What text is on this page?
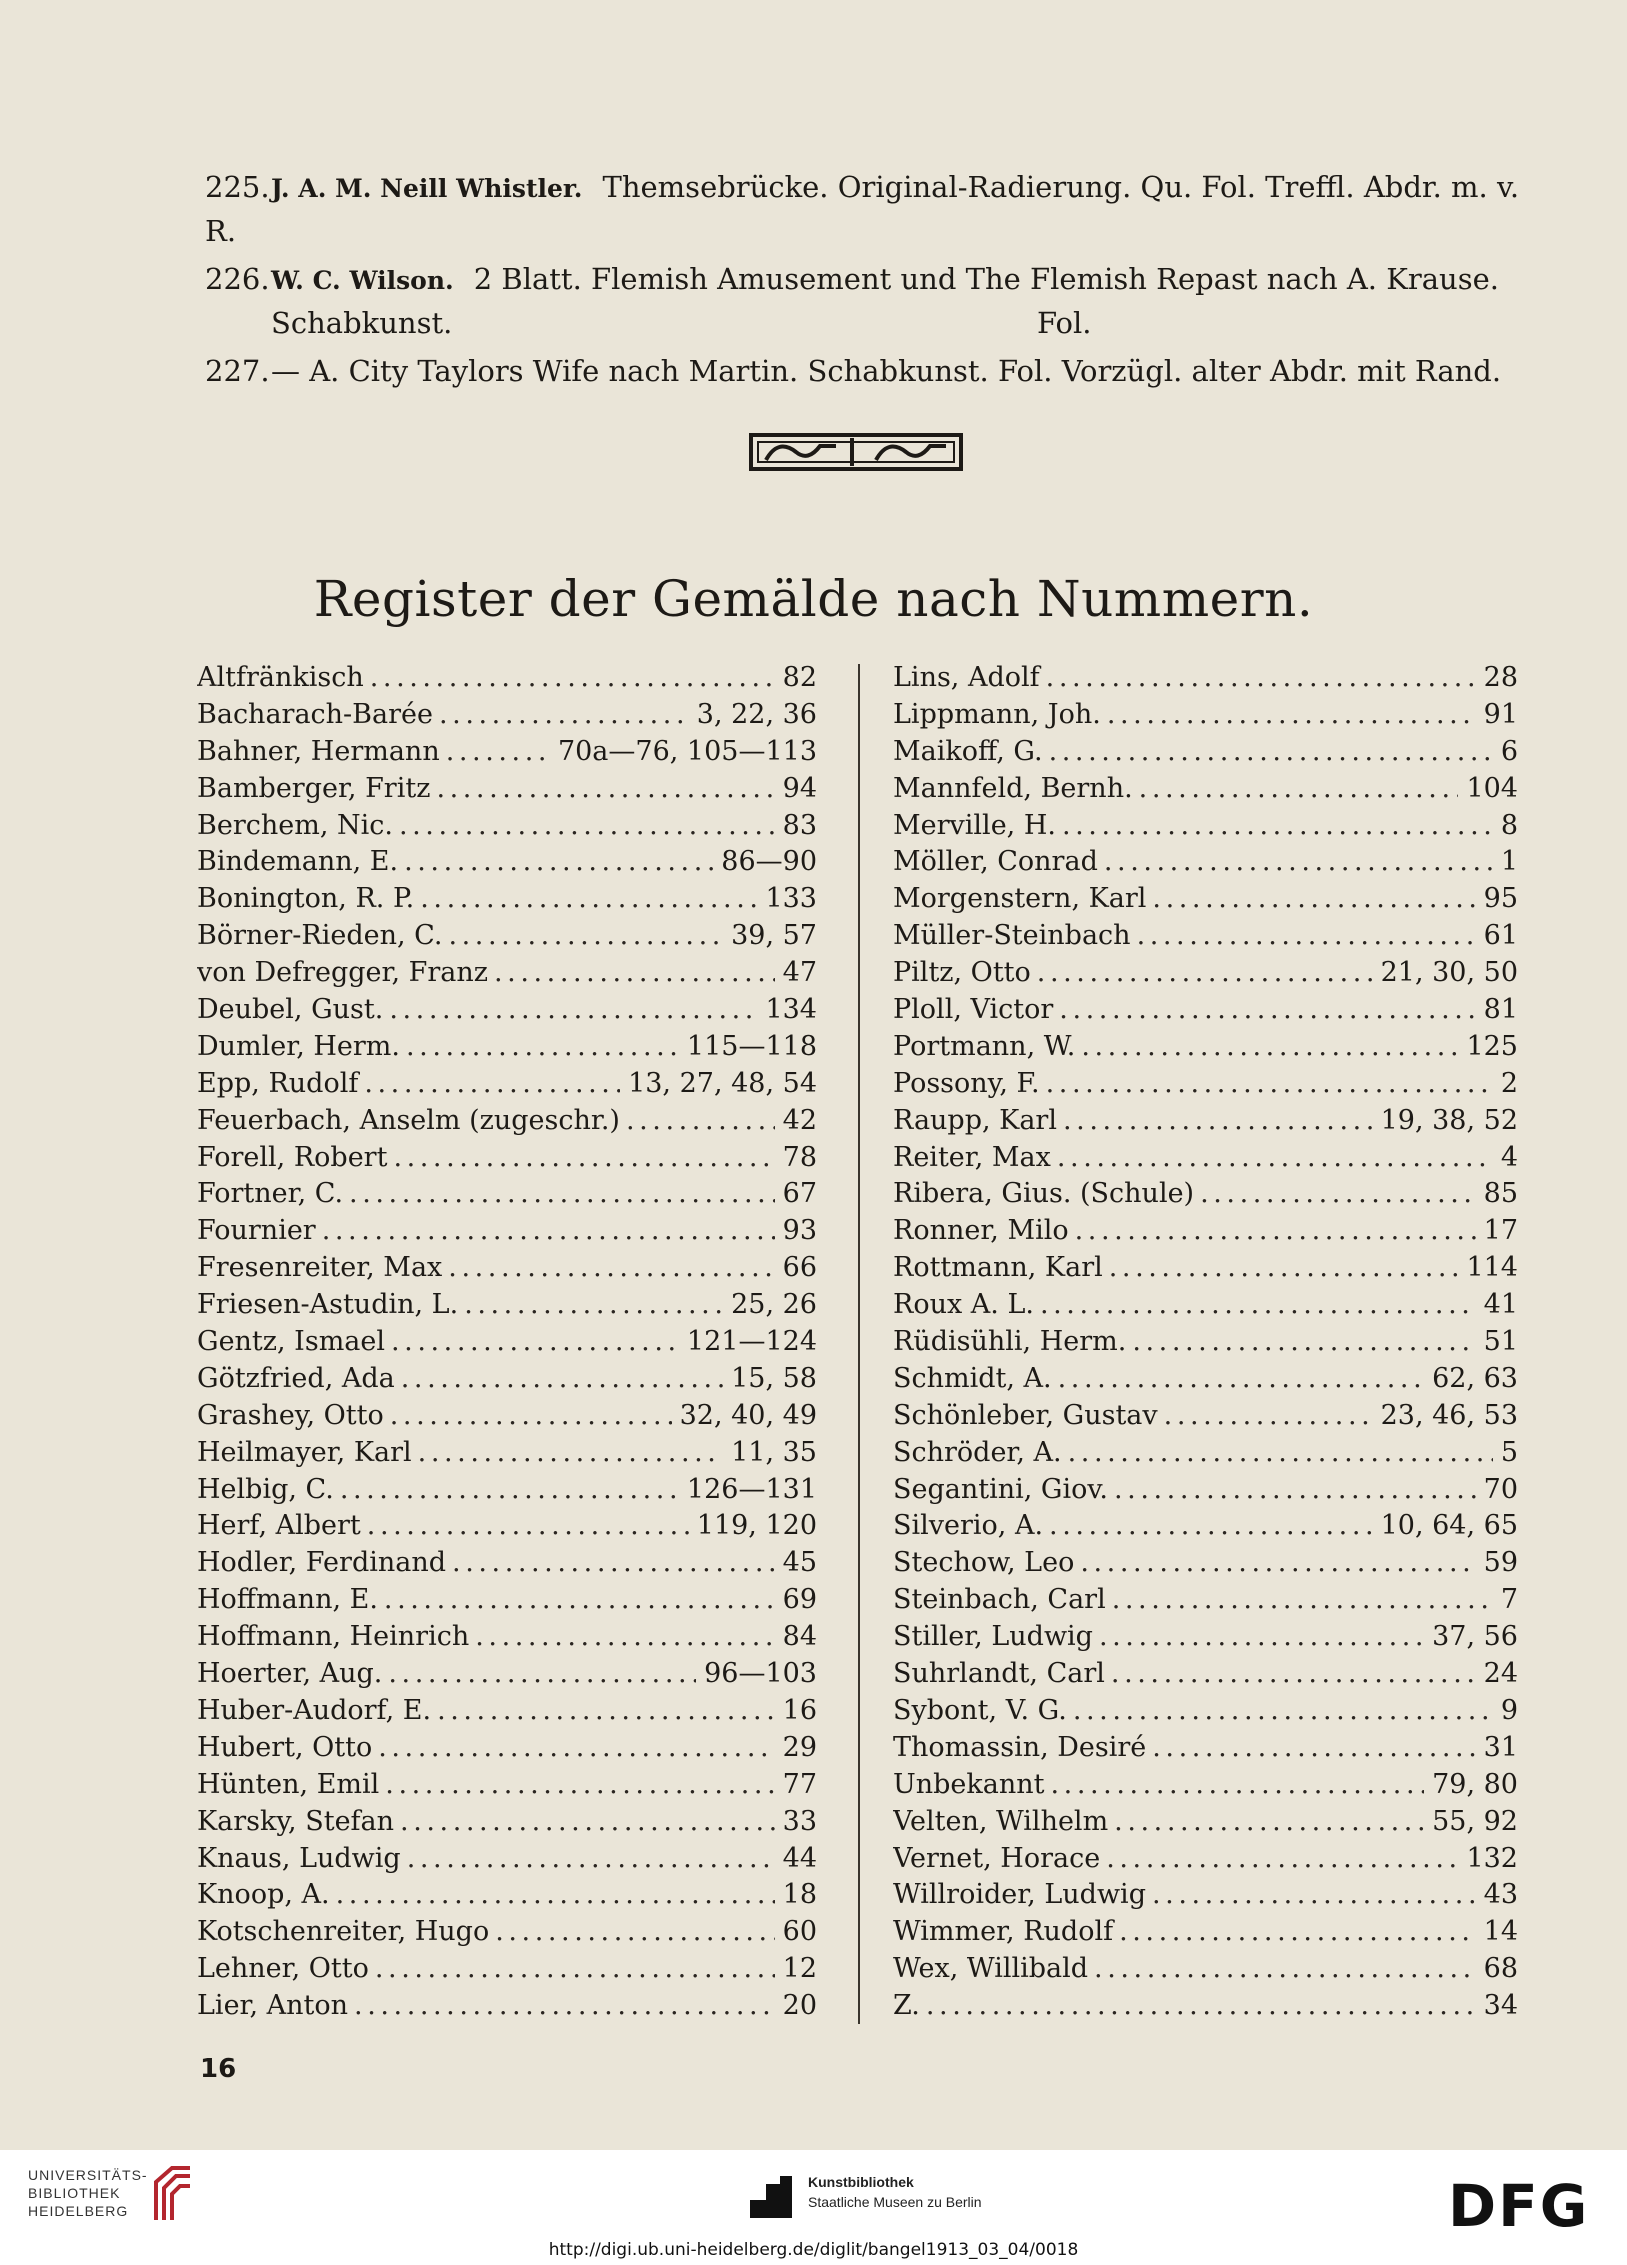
225.J. A. M. Neill Whistler. Themsebrücke. Original-Radierung. Qu. Fol. Treffl. Abdr. m. v. R.
226.W. C. Wilson. 2 Blatt. Flemish Amusement und The Flemish Repast nach A. Krause.
Schabkunst.	Fol.
227.— A. City Taylors Wife nach Martin. Schabkunst. Fol. Vorzügl. alter Abdr. mit Rand.
Register der Gemälde nach Nummern.
Altfränkisch . . .	82
Bacharach-Barée . . .	3, 22, 36
Bahner, Hermann . . .	70a—76, 105—113
Bamberger, Fritz . . .	94
Berchem, Nic. . . .	83
Bindemann, E. . . .	86—90
Bonington, R. P. . . .	133
Börner-Rieden, C. . . .	39, 57
von Defregger, Franz . . .	47
Deubel, Gust. . . .	134
Dumler, Herm. . . .	115—118
Epp, Rudolf . . .	13, 27, 48, 54
Feuerbach, Anselm (zugeschr.) . . .	42
Forell, Robert . . .	78
Fortner, C. . . .	67
Fournier . . .	93
Fresenreiter, Max . . .	66
Friesen-Astudin, L. . . .	25, 26
Gentz, Ismael . . .	121—124
Götzfried, Ada . . .	15, 58
Grashey, Otto . . .	32, 40, 49
Heilmayer, Karl . . .	11, 35
Helbig, C. . . .	126—131
Herf, Albert . . .	119, 120
Hodler, Ferdinand . . .	45
Hoffmann, E. . . .	69
Hoffmann, Heinrich . . .	84
Hoerter, Aug. . . .	96—103
Huber-Audorf, E. . . .	16
Hubert, Otto . . .	29
Hünten, Emil . . .	77
Karsky, Stefan . . .	33
Knaus, Ludwig . . .	44
Knoop, A. . . .	18
Kotschenreiter, Hugo . . .	60
Lehner, Otto . . .	12
Lier, Anton . . .	20
Lins, Adolf . . .	28
Lippmann, Joh. . . .	91
Maikoff, G. . . .	6
Mannfeld, Bernh. . . .	104
Merville, H. . . .	8
Möller, Conrad . . .	1
Morgenstern, Karl . . .	95
Müller-Steinbach . . .	61
Piltz, Otto . . .	21, 30, 50
Ploll, Victor . . .	81
Portmann, W. . . .	125
Possony, F. . . .	2
Raupp, Karl . . .	19, 38, 52
Reiter, Max . . .	4
Ribera, Gius. (Schule) . . .	85
Ronner, Milo . . .	17
Rottmann, Karl . . .	114
Roux A. L. . . .	41
Rüdisühli, Herm. . . .	51
Schmidt, A. . . .	62, 63
Schönleber, Gustav . . .	23, 46, 53
Schröder, A. . . .	5
Segantini, Giov. . . .	70
Silverio, A. . . .	10, 64, 65
Stechow, Leo . . .	59
Steinbach, Carl . . .	7
Stiller, Ludwig . . .	37, 56
Suhrlandt, Carl . . .	24
Sybont, V. G. . . .	9
Thomassin, Desiré . . .	31
Unbekannt . . .	79, 80
Velten, Wilhelm . . .	55, 92
Vernet, Horace . . .	132
Willroider, Ludwig . . .	43
Wimmer, Rudolf . . .	14
Wex, Willibald . . .	68
Z. . . .	34
16
UNIVERSITÄTS-
BIBLIOTHEK
HEIDELBERG
Kunstbibliothek
Staatliche Museen zu Berlin	DFG
http://digi.ub.uni-heidelberg.de/diglit/bangel1913_03_04/0018
